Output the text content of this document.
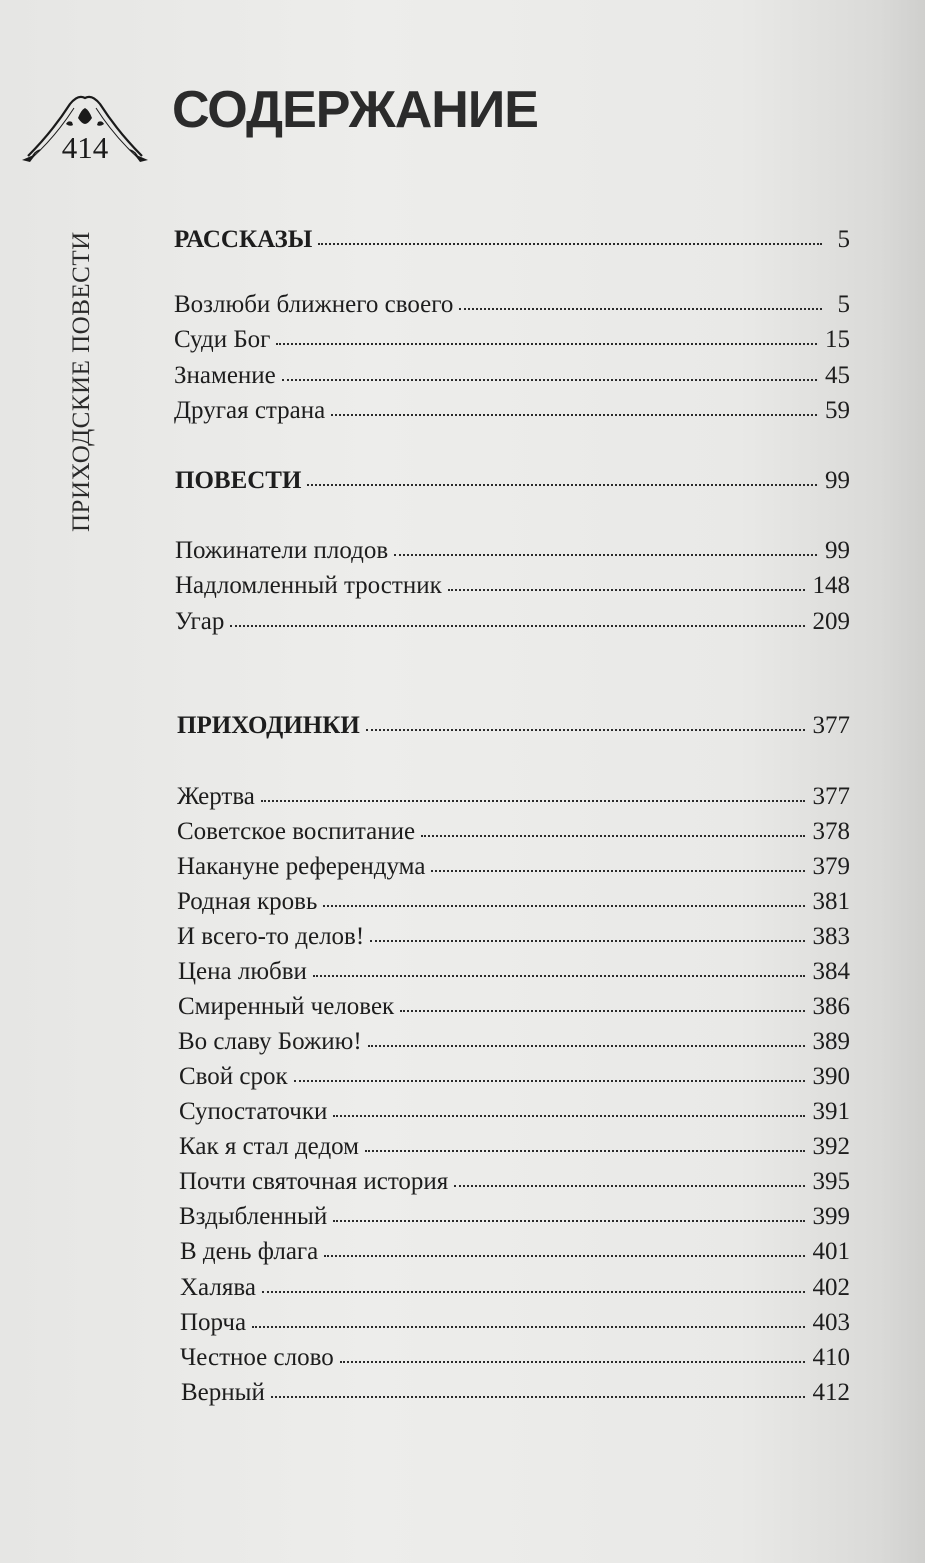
414
ПРИХОДСКИЕ ПОВЕСТИ
СОДЕРЖАНИЕ
РАССКАЗЫ	5
Возлюби ближнего своего	5
Суди Бог	15
Знамение	45
Другая страна	59
ПОВЕСТИ	99
Пожинатели плодов	99
Надломленный тростник	148
Угар	209
ПРИХОДИНКИ	377
Жертва	377
Советское воспитание	378
Накануне референдума	379
Родная кровь	381
И всего-то делов!	383
Цена любви	384
Смиренный человек	386
Во славу Божию!	389
Свой срок	390
Супостаточки	391
Как я стал дедом	392
Почти святочная история	395
Вздыбленный	399
В день флага	401
Халява	402
Порча	403
Честное слово	410
Верный	412
